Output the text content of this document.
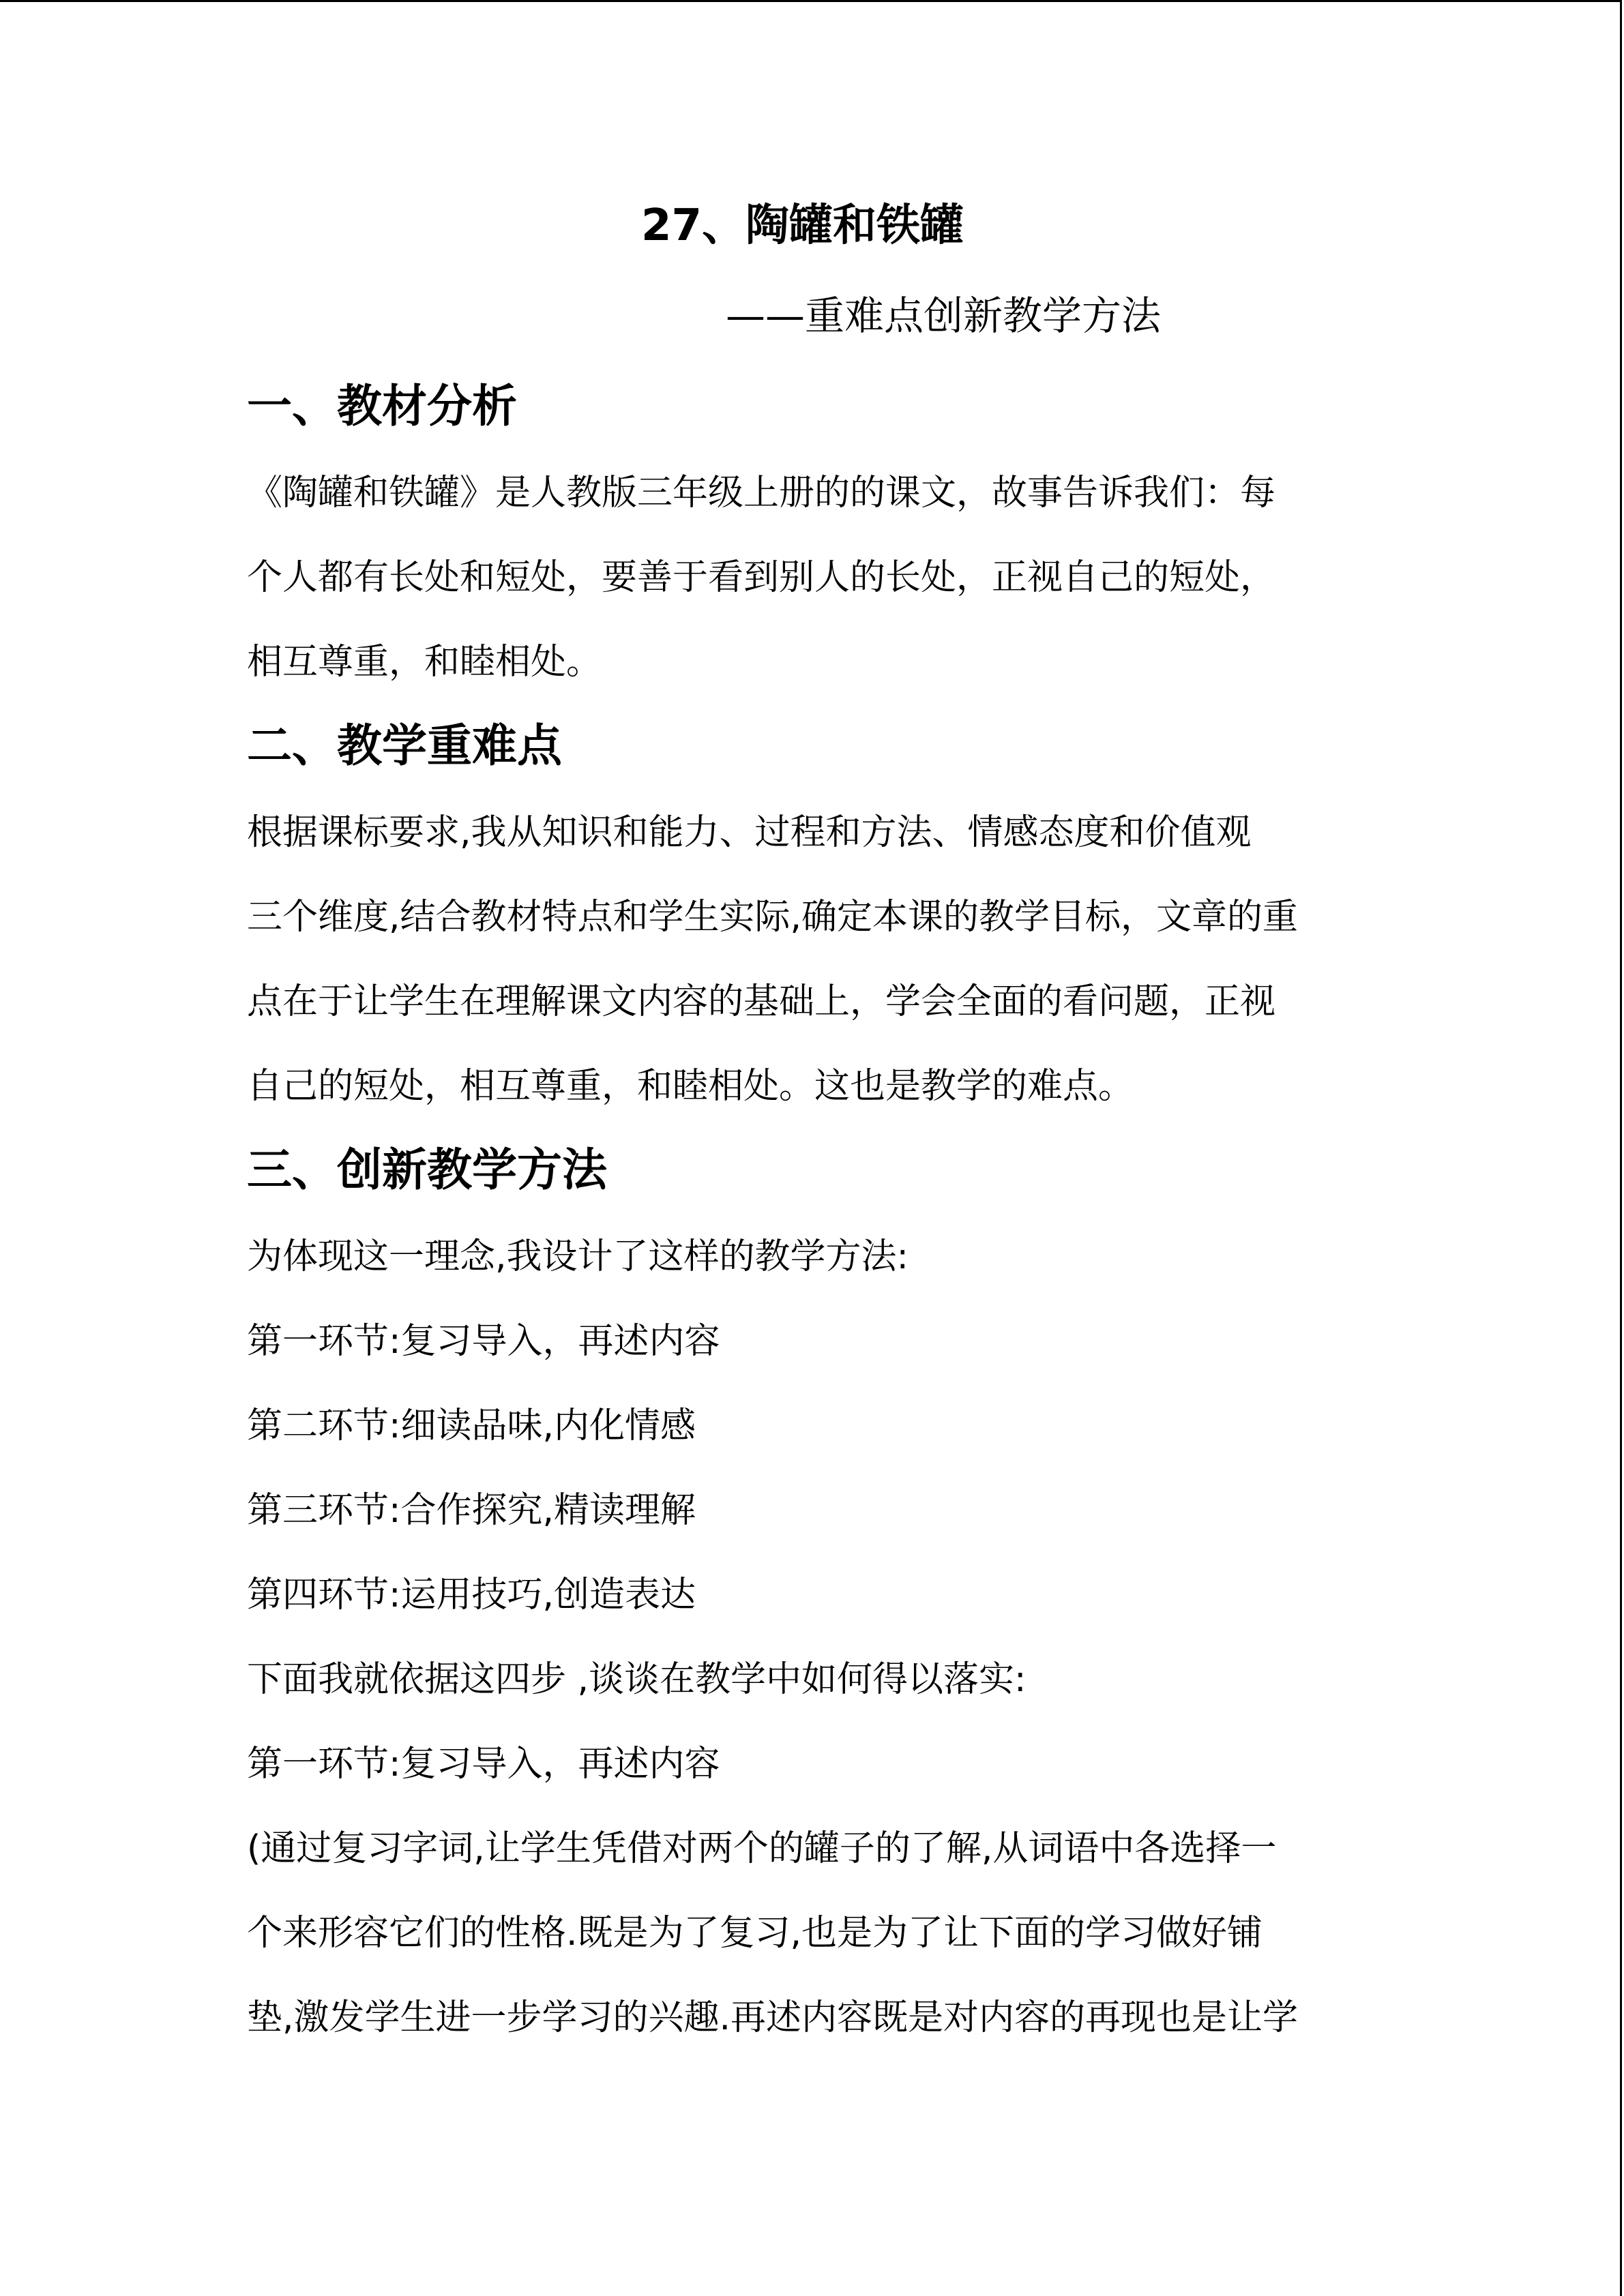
27、陶罐和铁罐
——重难点创新教学方法
一、教材分析
《陶罐和铁罐》是人教版三年级上册的的课文，故事告诉我们：每
个人都有长处和短处，要善于看到别人的长处，正视自己的短处，
相互尊重，和睦相处。
二、教学重难点
根据课标要求,我从知识和能力、过程和方法、情感态度和价值观
三个维度,结合教材特点和学生实际,确定本课的教学目标，文章的重
点在于让学生在理解课文内容的基础上，学会全面的看问题，正视
自己的短处，相互尊重，和睦相处。这也是教学的难点。
三、创新教学方法
为体现这一理念,我设计了这样的教学方法:
第一环节:复习导入，再述内容
第二环节:细读品味,内化情感
第三环节:合作探究,精读理解
第四环节:运用技巧,创造表达
下面我就依据这四步 ,谈谈在教学中如何得以落实:
第一环节:复习导入，再述内容
(通过复习字词,让学生凭借对两个的罐子的了解,从词语中各选择一
个来形容它们的性格.既是为了复习,也是为了让下面的学习做好铺
垫,激发学生进一步学习的兴趣.再述内容既是对内容的再现也是让学
